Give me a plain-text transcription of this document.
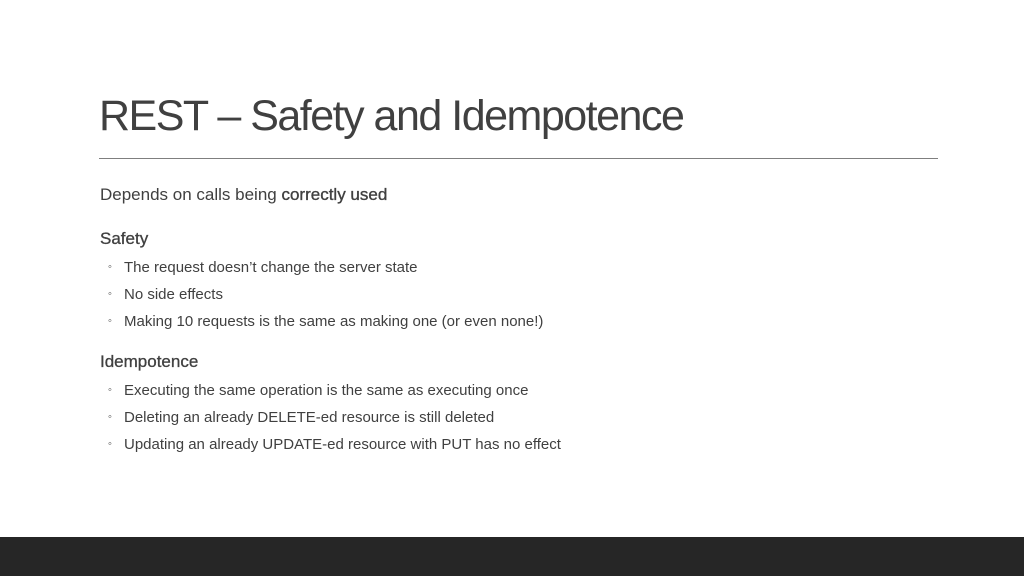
REST – Safety and Idempotence

Depends on calls being correctly used

Safety
◦ The request doesn’t change the server state
◦ No side effects
◦ Making 10 requests is the same as making one (or even none!)
Idempotence
◦ Executing the same operation is the same as executing once
◦ Deleting an already DELETE-ed resource is still deleted
◦ Updating an already UPDATE-ed resource with PUT has no effect
